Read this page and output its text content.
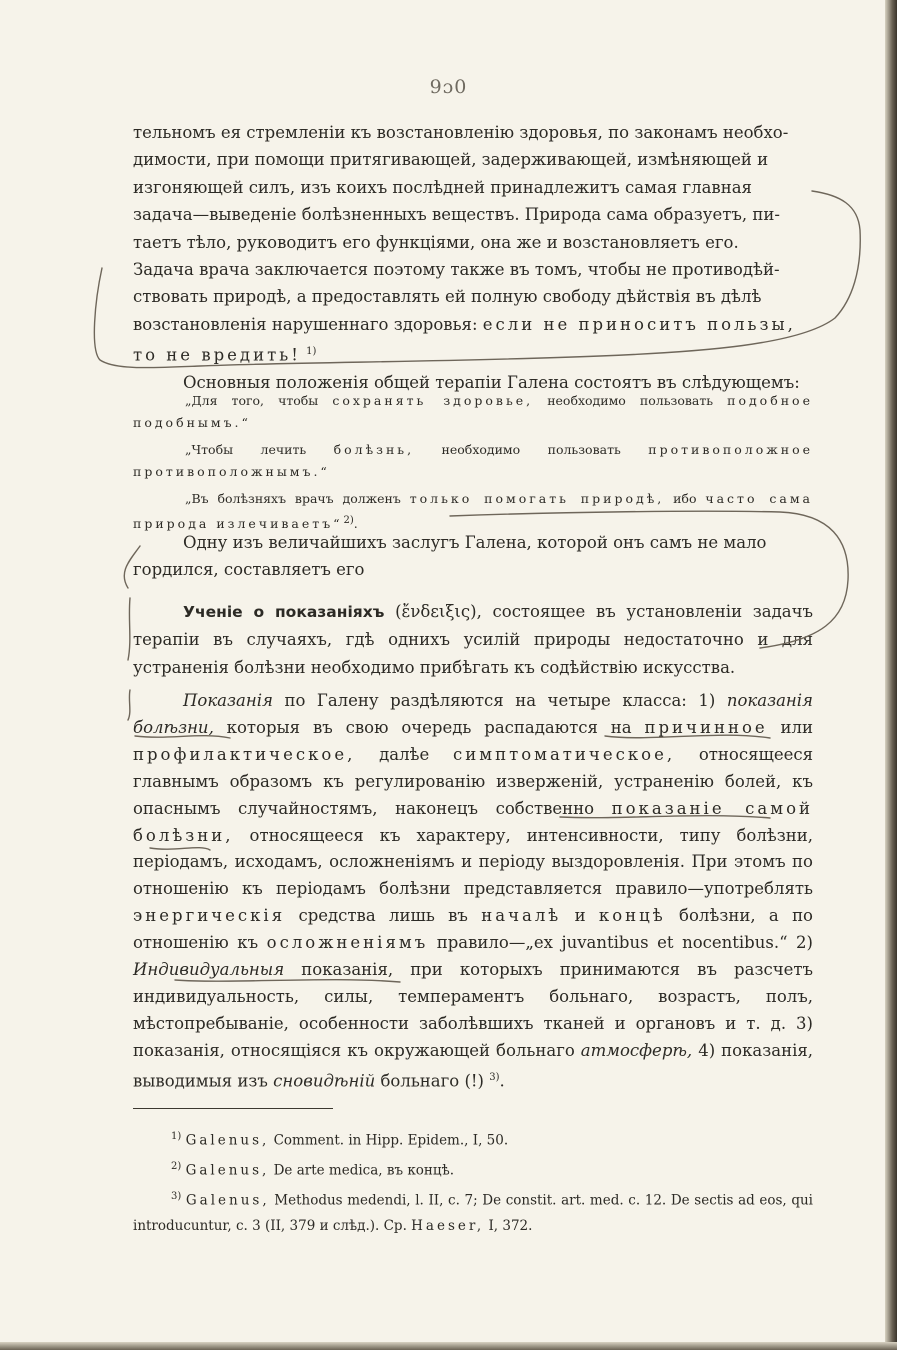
9ɔ0

тельномъ ея стремленіи къ возстановленію здоровья, по законамъ необхо-

димости, при помощи притягивающей, задерживающей, измѣняющей и

изгоняющей силъ, изъ коихъ послѣдней принадлежитъ самая главная

задача—выведеніе болѣзненныхъ веществъ. Природа сама образуетъ, пи-

таетъ тѣло, руководитъ его функціями, она же и возстановляетъ его.

Задача врача заключается поэтому также въ томъ, чтобы не противодѣй-

ствовать природѣ, а предоставлять ей полную свободу дѣйствія въ дѣлѣ

возстановленія нарушеннаго здоровья: если не приноситъ пользы,

то не вредить! $^{1)}$

Основныя положенія общей терапіи Галена состоятъ въ слѣдующемъ:

„Для того, чтобы сохранять здоровье, необходимо пользовать подобное подобнымъ.“

„Чтобы лечить болѣзнь, необходимо пользовать противоположное противоположнымъ.“

„Въ болѣзняхъ врачъ долженъ только помогать природѣ, ибо часто сама природа излечиваетъ“ $^{2)}$.

Одну изъ величайшихъ заслугъ Галена, которой онъ самъ не мало

гордился, составляетъ его

Ученіе о показаніяхъ (ἔνδειξις), состоящее въ установленіи задачъ терапіи въ случаяхъ, гдѣ однихъ усилій природы недостаточно и для устраненія болѣзни необходимо прибѣгать къ содѣйствію искусства.

Показанія по Галену раздѣляются на четыре класса: 1) показанія болѣзни, которыя въ свою очередь распадаются на причинное или профилактическое, далѣе симптоматическое, относящееся главнымъ образомъ къ регулированію изверженій, устраненію болей, къ опаснымъ случайностямъ, наконецъ собственно показаніе самой болѣзни, относящееся къ характеру, интенсивности, типу болѣзни, періодамъ, исходамъ, осложненіямъ и періоду выздоровленія. При этомъ по отношенію къ періодамъ болѣзни представляется правило—употреблять энергическія средства лишь въ началѣ и концѣ болѣзни, а по отношенію къ осложненіямъ правило—„ex juvantibus et nocentibus.“ 2) Индивидуальныя показанія, при которыхъ принимаются въ разсчетъ индивидуальность, силы, темпераментъ больнаго, возрастъ, полъ, мѣстопребываніе, особенности заболѣвшихъ тканей и органовъ и т. д. 3) показанія, относящіяся къ окружающей больнаго атмосферѣ, 4) показанія, выводимыя изъ сновидѣній больнаго (!) $^{3)}$.

$^{1)}$ Galenus, Comment. in Hipp. Epidem., I, 50.

$^{2)}$ Galenus, De arte medica, въ концѣ.

$^{3)}$ Galenus, Methodus medendi, l. II, c. 7; De constit. art. med. c. 12. De sectis ad eos, qui introducuntur, c. 3 (II, 379 и слѣд.). Ср. Haeser, I, 372.
